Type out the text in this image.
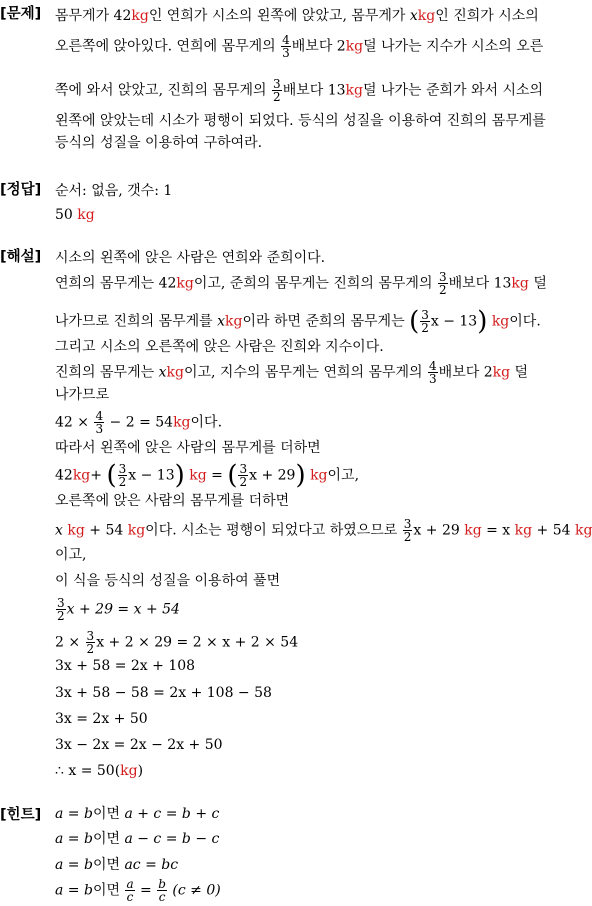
[문제] 몸무게가 42kg인 연희가 시소의 왼쪽에 앉았고, 몸무게가 xkg인 진희가 시소의
오른쪽에 앉아있다. 연희에 몸무게의 $\frac{4}{3}$ 배보다 2kg덜 나가는 지수가 시소의 오른
쪽에 와서 앉았고, 진희의 몸무게의 $\frac{3}{2}$ 배보다 13kg덜 나가는 준희가 와서 시소의
왼쪽에 앉았는데 시소가 평행이 되었다. 등식의 성질을 이용하여 진희의 몸무게를
등식의 성질을 이용하여 구하여라.
[정답] 순서: 없음, 갯수: 1
50 kg
[해설] 시소의 왼쪽에 앉은 사람은 연희와 준희이다.
연희의 몸무게는 42kg이고, 준희의 몸무게는 진희의 몸무게의 $\frac{3}{2}$ 배보다 13kg 덜
나가므로 진희의 몸무게를 xkg이라 하면 준희의 몸무게는 ( $\frac{3}{2}$ x − 13) kg이다.
그리고 시소의 오른쪽에 앉은 사람은 진희와 지수이다.
진희의 몸무게는 xkg이고, 지수의 몸무게는 연희의 몸무게의 $\frac{4}{3}$ 배보다 2kg 덜
나가므로
$42 \times \frac{4}{3} - 2 = 54kg$이다.
따라서 왼쪽에 앉은 사람의 몸무게를 더하면
42kg+ ( $\frac{3}{2}$ x − 13) kg = ( $\frac{3}{2}$ x + 29) kg이고,
오른쪽에 앉은 사람의 몸무게를 더하면
x kg + 54 kg이다. 시소는 평행이 되었다고 하였으므로 $\frac{3}{2}$ x + 29 kg = x kg + 54 kg
이고,
이 식을 등식의 성질을 이용하여 풀면
$\frac{3}{2}$ x + 29 = x + 54
$2 \times \frac{3}{2}$ x + 2 × 29 = 2 × x + 2 × 54
3x + 58 = 2x + 108
3x + 58 − 58 = 2x + 108 − 58
3x = 2x + 50
3x − 2x = 2x − 2x + 50
∴ x = 50(kg)
[힌트] a = b이면 a + c = b + c
a = b이면 a − c = b − c
a = b이면 ac = bc
a = b이면 $\frac{a}{c} = \frac{b}{c} (c \ne 0)$
